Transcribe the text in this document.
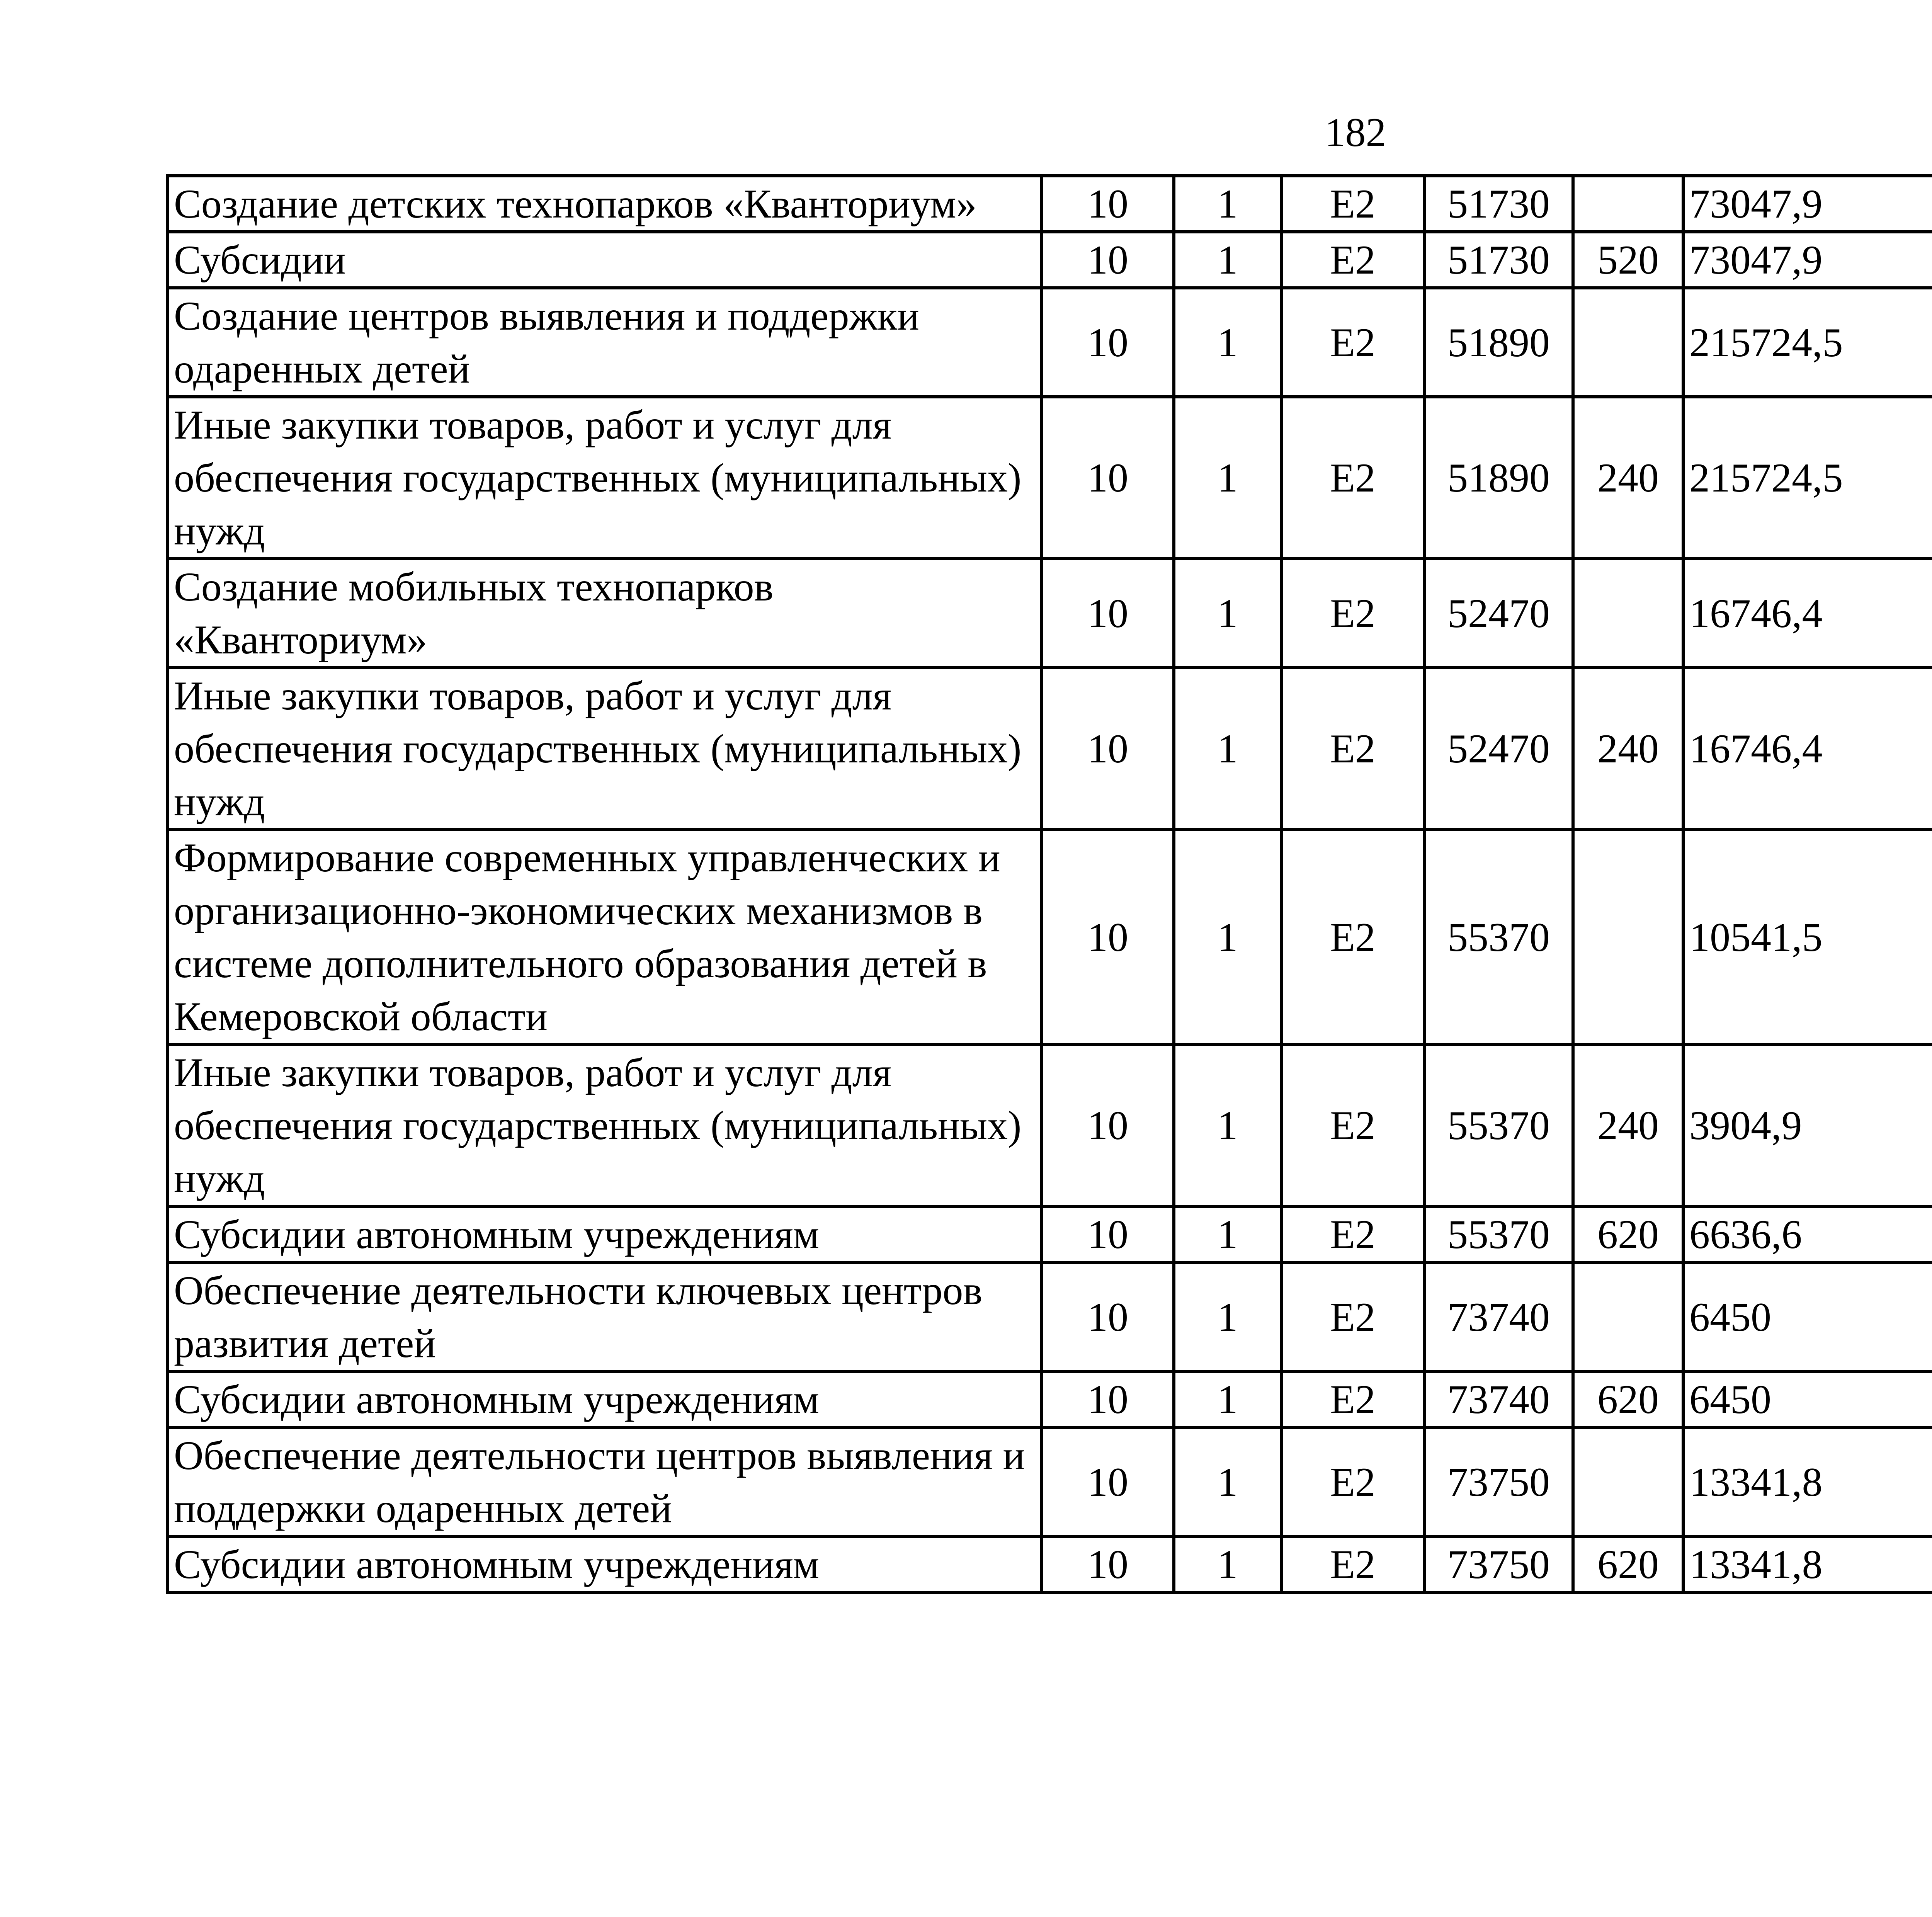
182
Создание детских технопарков «Кванториум»	10	1	Е2	51730		73047,9		
Субсидии	10	1	Е2	51730	520	73047,9		
Создание центров выявления и поддержки одаренных детей	10	1	Е2	51890		215724,5		
Иные закупки товаров, работ и услуг для обеспечения государственных (муниципальных) нужд	10	1	Е2	51890	240	215724,5		
Создание мобильных технопарков «Кванториум»	10	1	Е2	52470		16746,4		
Иные закупки товаров, работ и услуг для обеспечения государственных (муниципальных) нужд	10	1	Е2	52470	240	16746,4		
Формирование современных управленческих и организационно-экономических механизмов в системе дополнительного образования детей в Кемеровской области	10	1	Е2	55370		10541,5		
Иные закупки товаров, работ и услуг для обеспечения государственных (муниципальных) нужд	10	1	Е2	55370	240	3904,9		
Субсидии автономным учреждениям	10	1	Е2	55370	620	6636,6		
Обеспечение деятельности ключевых центров развития детей	10	1	Е2	73740		6450		
Субсидии автономным учреждениям	10	1	Е2	73740	620	6450		
Обеспечение деятельности центров выявления и поддержки одаренных детей	10	1	Е2	73750		13341,8		
Субсидии автономным учреждениям	10	1	Е2	73750	620	13341,8		
